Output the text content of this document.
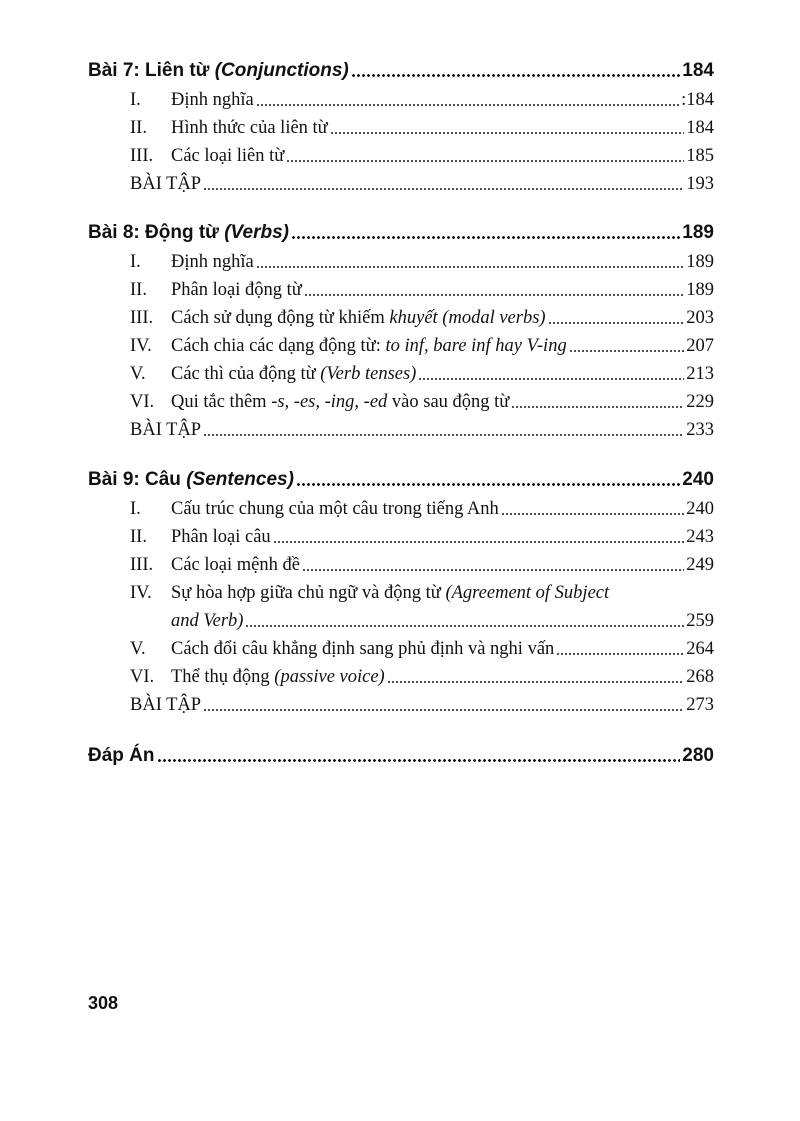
Bài 7: Liên từ (Conjunctions)	184
I.	Định nghĩa	:184
II.	Hình thức của liên từ	184
III. Các loại liên từ	185
BÀI TẬP	193
Bài 8: Động từ (Verbs)	189
I.	Định nghĩa	189
II.	Phân loại động từ	189
III. Cách sử dụng động từ khiếm khuyết (modal verbs)	203
IV.	Cách chia các dạng động từ: to inf, bare inf hay V-ing	207
V.	Các thì của động từ (Verb tenses)	213
VI. Qui tắc thêm -s, -es, -ing, -ed vào sau động từ	229
BÀI TẬP	233
Bài 9: Câu (Sentences)	240
I.	Cấu trúc chung của một câu trong tiếng Anh	240
II.	Phân loại câu	243
III. Các loại mệnh đề	249
IV.	Sự hòa hợp giữa chủ ngữ và động từ (Agreement of Subject
and Verb)	259
V.	Cách đổi câu khẳng định sang phủ định và nghi vấn	264
VI. Thể thụ động (passive voice)	268
BÀI TẬP	273
Đáp Án	280
308
